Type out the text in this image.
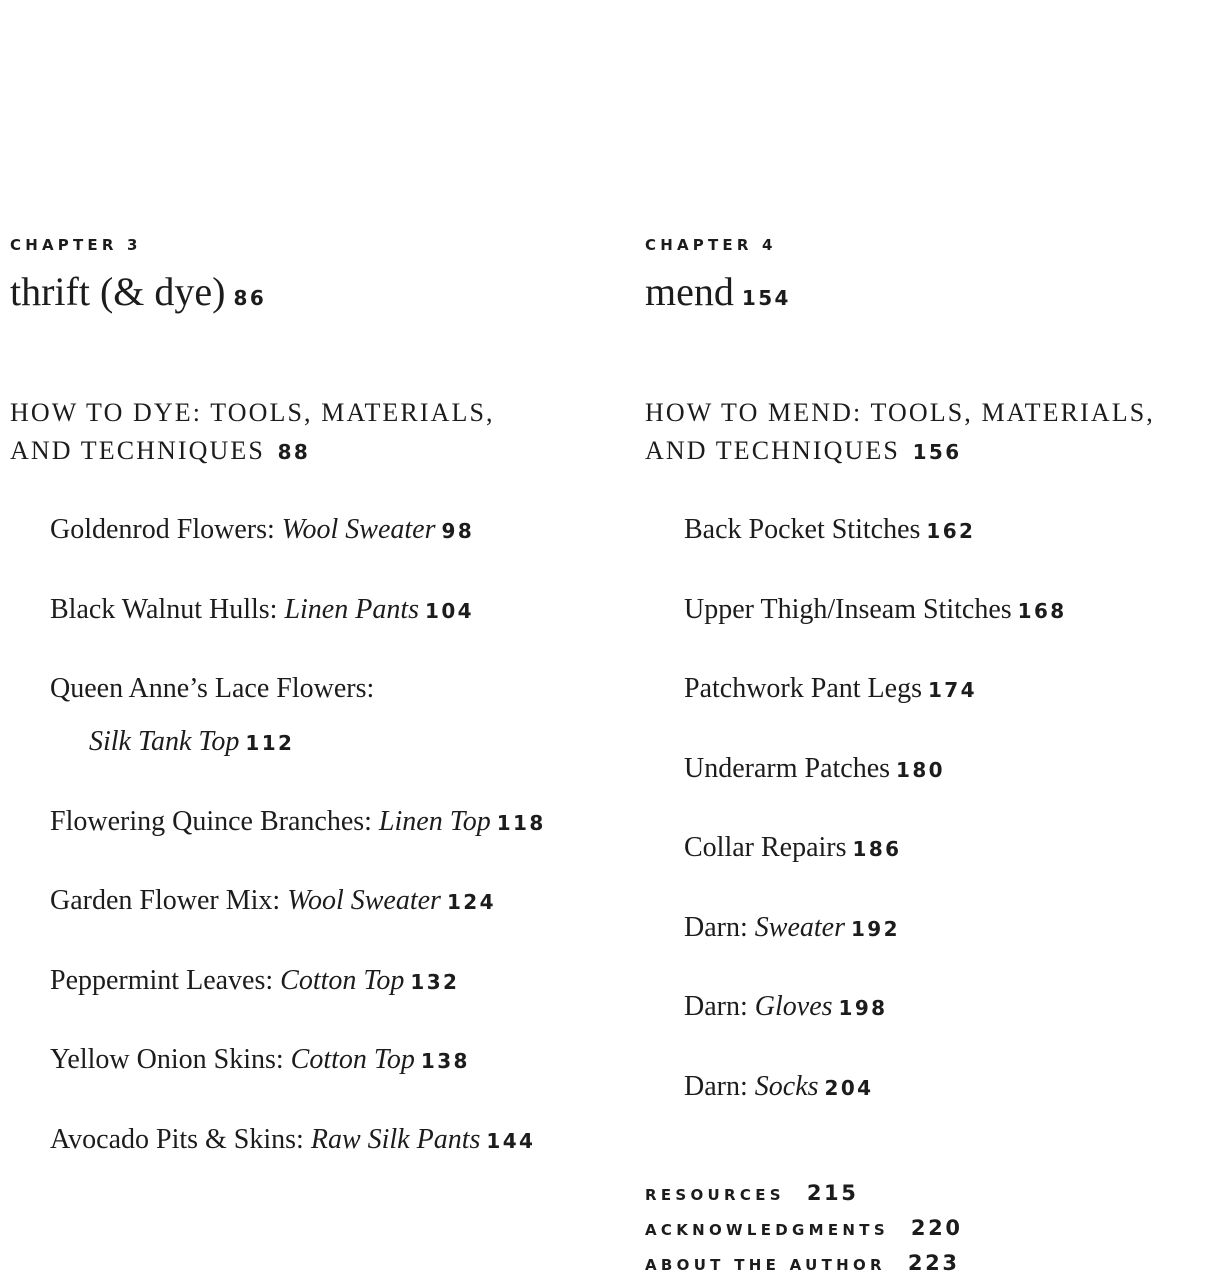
CHAPTER 3
thrift (& dye) 86
HOW TO DYE: TOOLS, MATERIALS,
AND TECHNIQUES 88
Goldenrod Flowers: Wool Sweater 98
Black Walnut Hulls: Linen Pants 104
Queen Anne’s Lace Flowers:
Silk Tank Top 112
Flowering Quince Branches: Linen Top 118
Garden Flower Mix: Wool Sweater 124
Peppermint Leaves: Cotton Top 132
Yellow Onion Skins: Cotton Top 138
Avocado Pits & Skins: Raw Silk Pants 144
CHAPTER 4
mend 154
HOW TO MEND: TOOLS, MATERIALS,
AND TECHNIQUES 156
Back Pocket Stitches 162
Upper Thigh/Inseam Stitches 168
Patchwork Pant Legs 174
Underarm Patches 180
Collar Repairs 186
Darn: Sweater 192
Darn: Gloves 198
Darn: Socks 204
RESOURCES 215
ACKNOWLEDGMENTS 220
ABOUT THE AUTHOR 223
